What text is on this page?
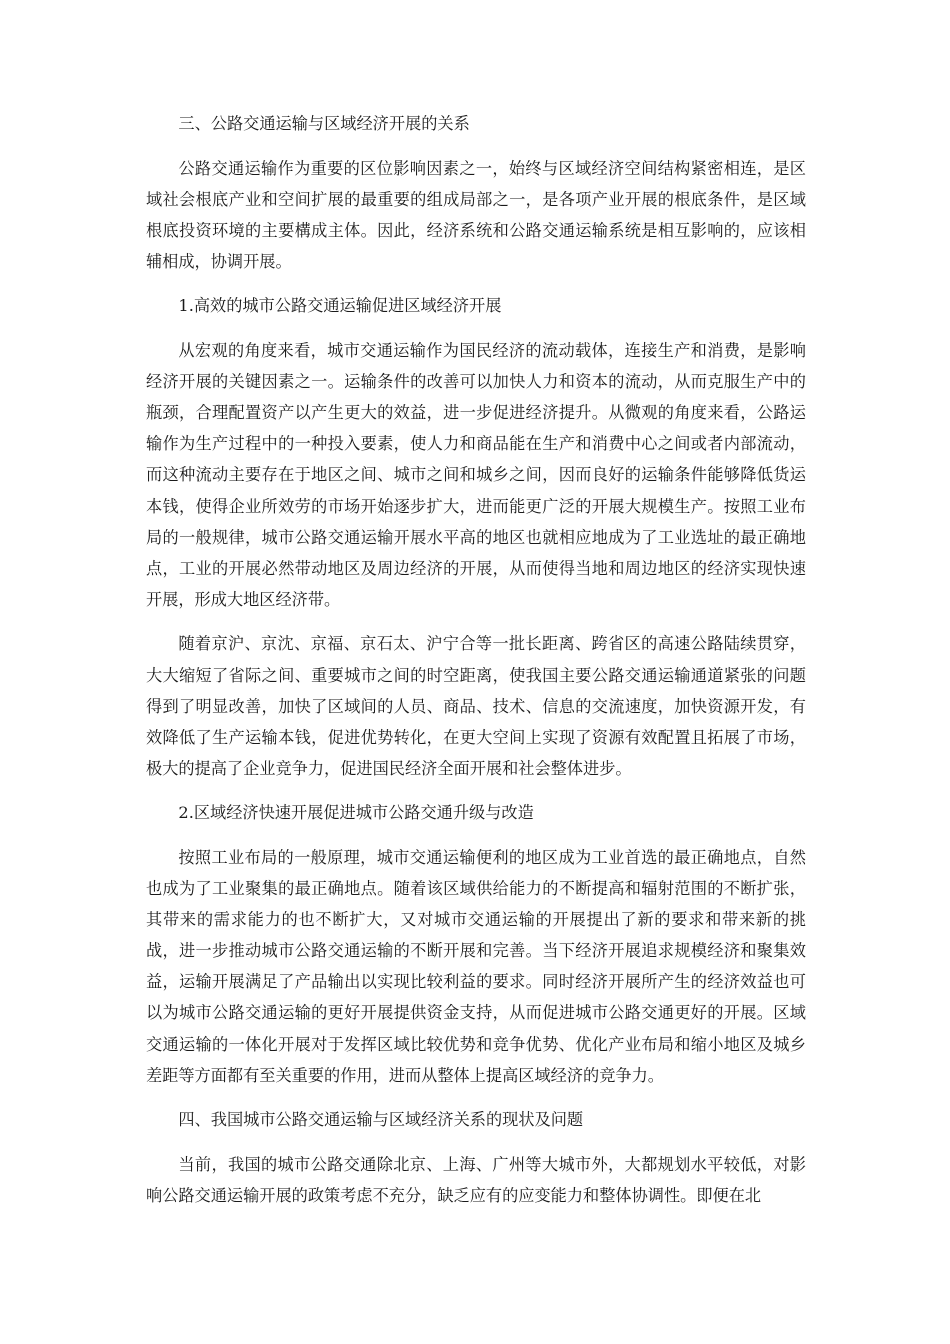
三、公路交通运输与区域经济开展的关系

公路交通运输作为重要的区位影响因素之一，始终与区域经济空间结构紧密相连，是区域社会根底产业和空间扩展的最重要的组成局部之一，是各项产业开展的根底条件，是区域根底投资环境的主要構成主体。因此，经济系统和公路交通运输系统是相互影响的，应该相辅相成，协调开展。

1.高效的城市公路交通运输促进区域经济开展

从宏观的角度来看，城市交通运输作为国民经济的流动载体，连接生产和消费，是影响经济开展的关键因素之一。运输条件的改善可以加快人力和资本的流动，从而克服生产中的瓶颈，合理配置资产以产生更大的效益，进一步促进经济提升。从微观的角度来看，公路运输作为生产过程中的一种投入要素，使人力和商品能在生产和消费中心之间或者内部流动，而这种流动主要存在于地区之间、城市之间和城乡之间，因而良好的运输条件能够降低货运本钱，使得企业所效劳的市场开始逐步扩大，进而能更广泛的开展大规模生产。按照工业布局的一般规律，城市公路交通运输开展水平高的地区也就相应地成为了工业选址的最正确地点，工业的开展必然带动地区及周边经济的开展，从而使得当地和周边地区的经济实现快速开展，形成大地区经济带。

随着京沪、京沈、京福、京石太、沪宁合等一批长距离、跨省区的高速公路陆续贯穿，大大缩短了省际之间、重要城市之间的时空距离，使我国主要公路交通运输通道紧张的问题得到了明显改善，加快了区域间的人员、商品、技术、信息的交流速度，加快资源开发，有效降低了生产运输本钱，促进优势转化，在更大空间上实现了资源有效配置且拓展了市场，极大的提高了企业竞争力，促进国民经济全面开展和社会整体进步。

2.区域经济快速开展促进城市公路交通升级与改造

按照工业布局的一般原理，城市交通运输便利的地区成为工业首选的最正确地点，自然也成为了工业聚集的最正确地点。随着该区域供给能力的不断提高和辐射范围的不断扩张，其带来的需求能力的也不断扩大，又对城市交通运输的开展提出了新的要求和带来新的挑战，进一步推动城市公路交通运输的不断开展和完善。当下经济开展追求规模经济和聚集效益，运输开展满足了产品输出以实现比较利益的要求。同时经济开展所产生的经济效益也可以为城市公路交通运输的更好开展提供资金支持，从而促进城市公路交通更好的开展。区域交通运输的一体化开展对于发挥区域比较优势和竞争优势、优化产业布局和缩小地区及城乡差距等方面都有至关重要的作用，进而从整体上提高区域经济的竞争力。

四、我国城市公路交通运输与区域经济关系的现状及问题

当前，我国的城市公路交通除北京、上海、广州等大城市外，大都规划水平较低，对影响公路交通运输开展的政策考虑不充分，缺乏应有的应变能力和整体协调性。即便在北
